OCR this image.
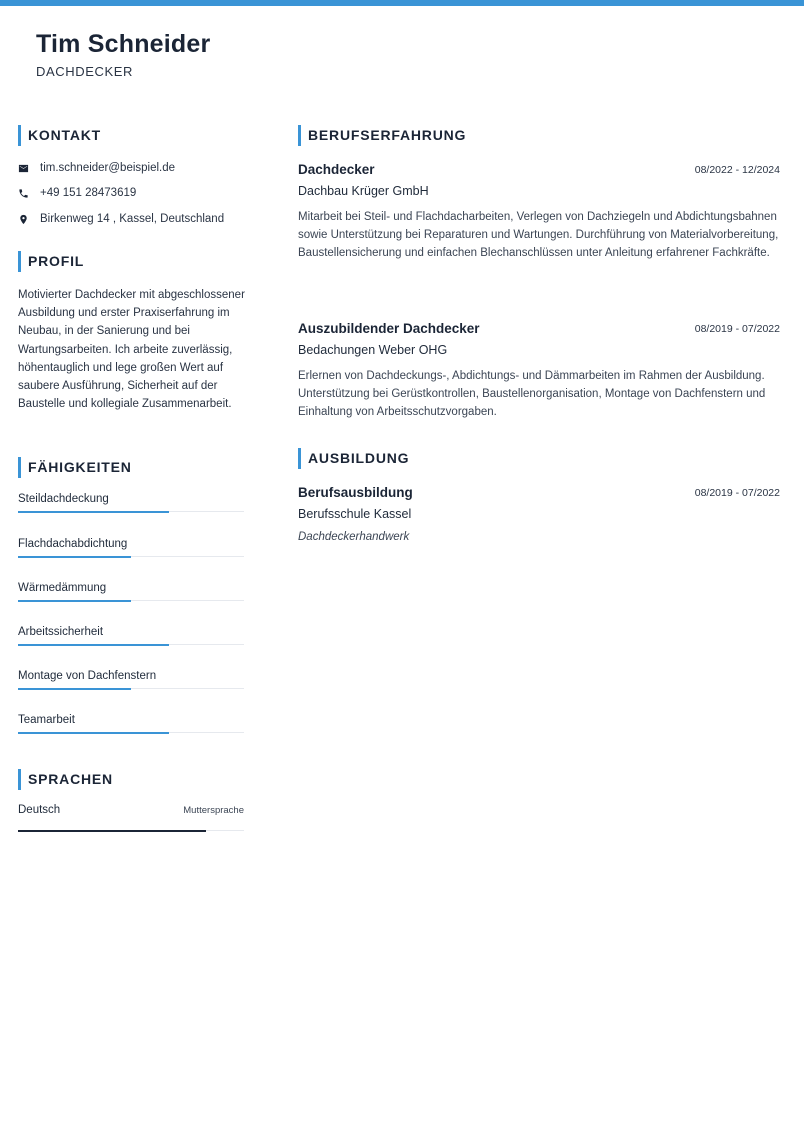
Tim Schneider
DACHDECKER
KONTAKT
tim.schneider@beispiel.de
+49 151 28473619
Birkenweg 14 , Kassel, Deutschland
PROFIL
Motivierter Dachdecker mit abgeschlossener Ausbildung und erster Praxiserfahrung im Neubau, in der Sanierung und bei Wartungsarbeiten. Ich arbeite zuverlässig, höhentauglich und lege großen Wert auf saubere Ausführung, Sicherheit auf der Baustelle und kollegiale Zusammenarbeit.
FÄHIGKEITEN
Steildachdeckung
Flachdachabdichtung
Wärmedämmung
Arbeitssicherheit
Montage von Dachfenstern
Teamarbeit
SPRACHEN
Deutsch	Muttersprache
BERUFSERFAHRUNG
Dachdecker	08/2022 - 12/2024
Dachbau Krüger GmbH
Mitarbeit bei Steil- und Flachdacharbeiten, Verlegen von Dachziegeln und Abdichtungsbahnen sowie Unterstützung bei Reparaturen und Wartungen. Durchführung von Materialvorbereitung, Baustellensicherung und einfachen Blechanschlüssen unter Anleitung erfahrener Fachkräfte.
Auszubildender Dachdecker	08/2019 - 07/2022
Bedachungen Weber OHG
Erlernen von Dachdeckungs-, Abdichtungs- und Dämmarbeiten im Rahmen der Ausbildung. Unterstützung bei Gerüstkontrollen, Baustellenorganisation, Montage von Dachfenstern und Einhaltung von Arbeitsschutzvorgaben.
AUSBILDUNG
Berufsausbildung	08/2019 - 07/2022
Berufsschule Kassel
Dachdeckerhandwerk
